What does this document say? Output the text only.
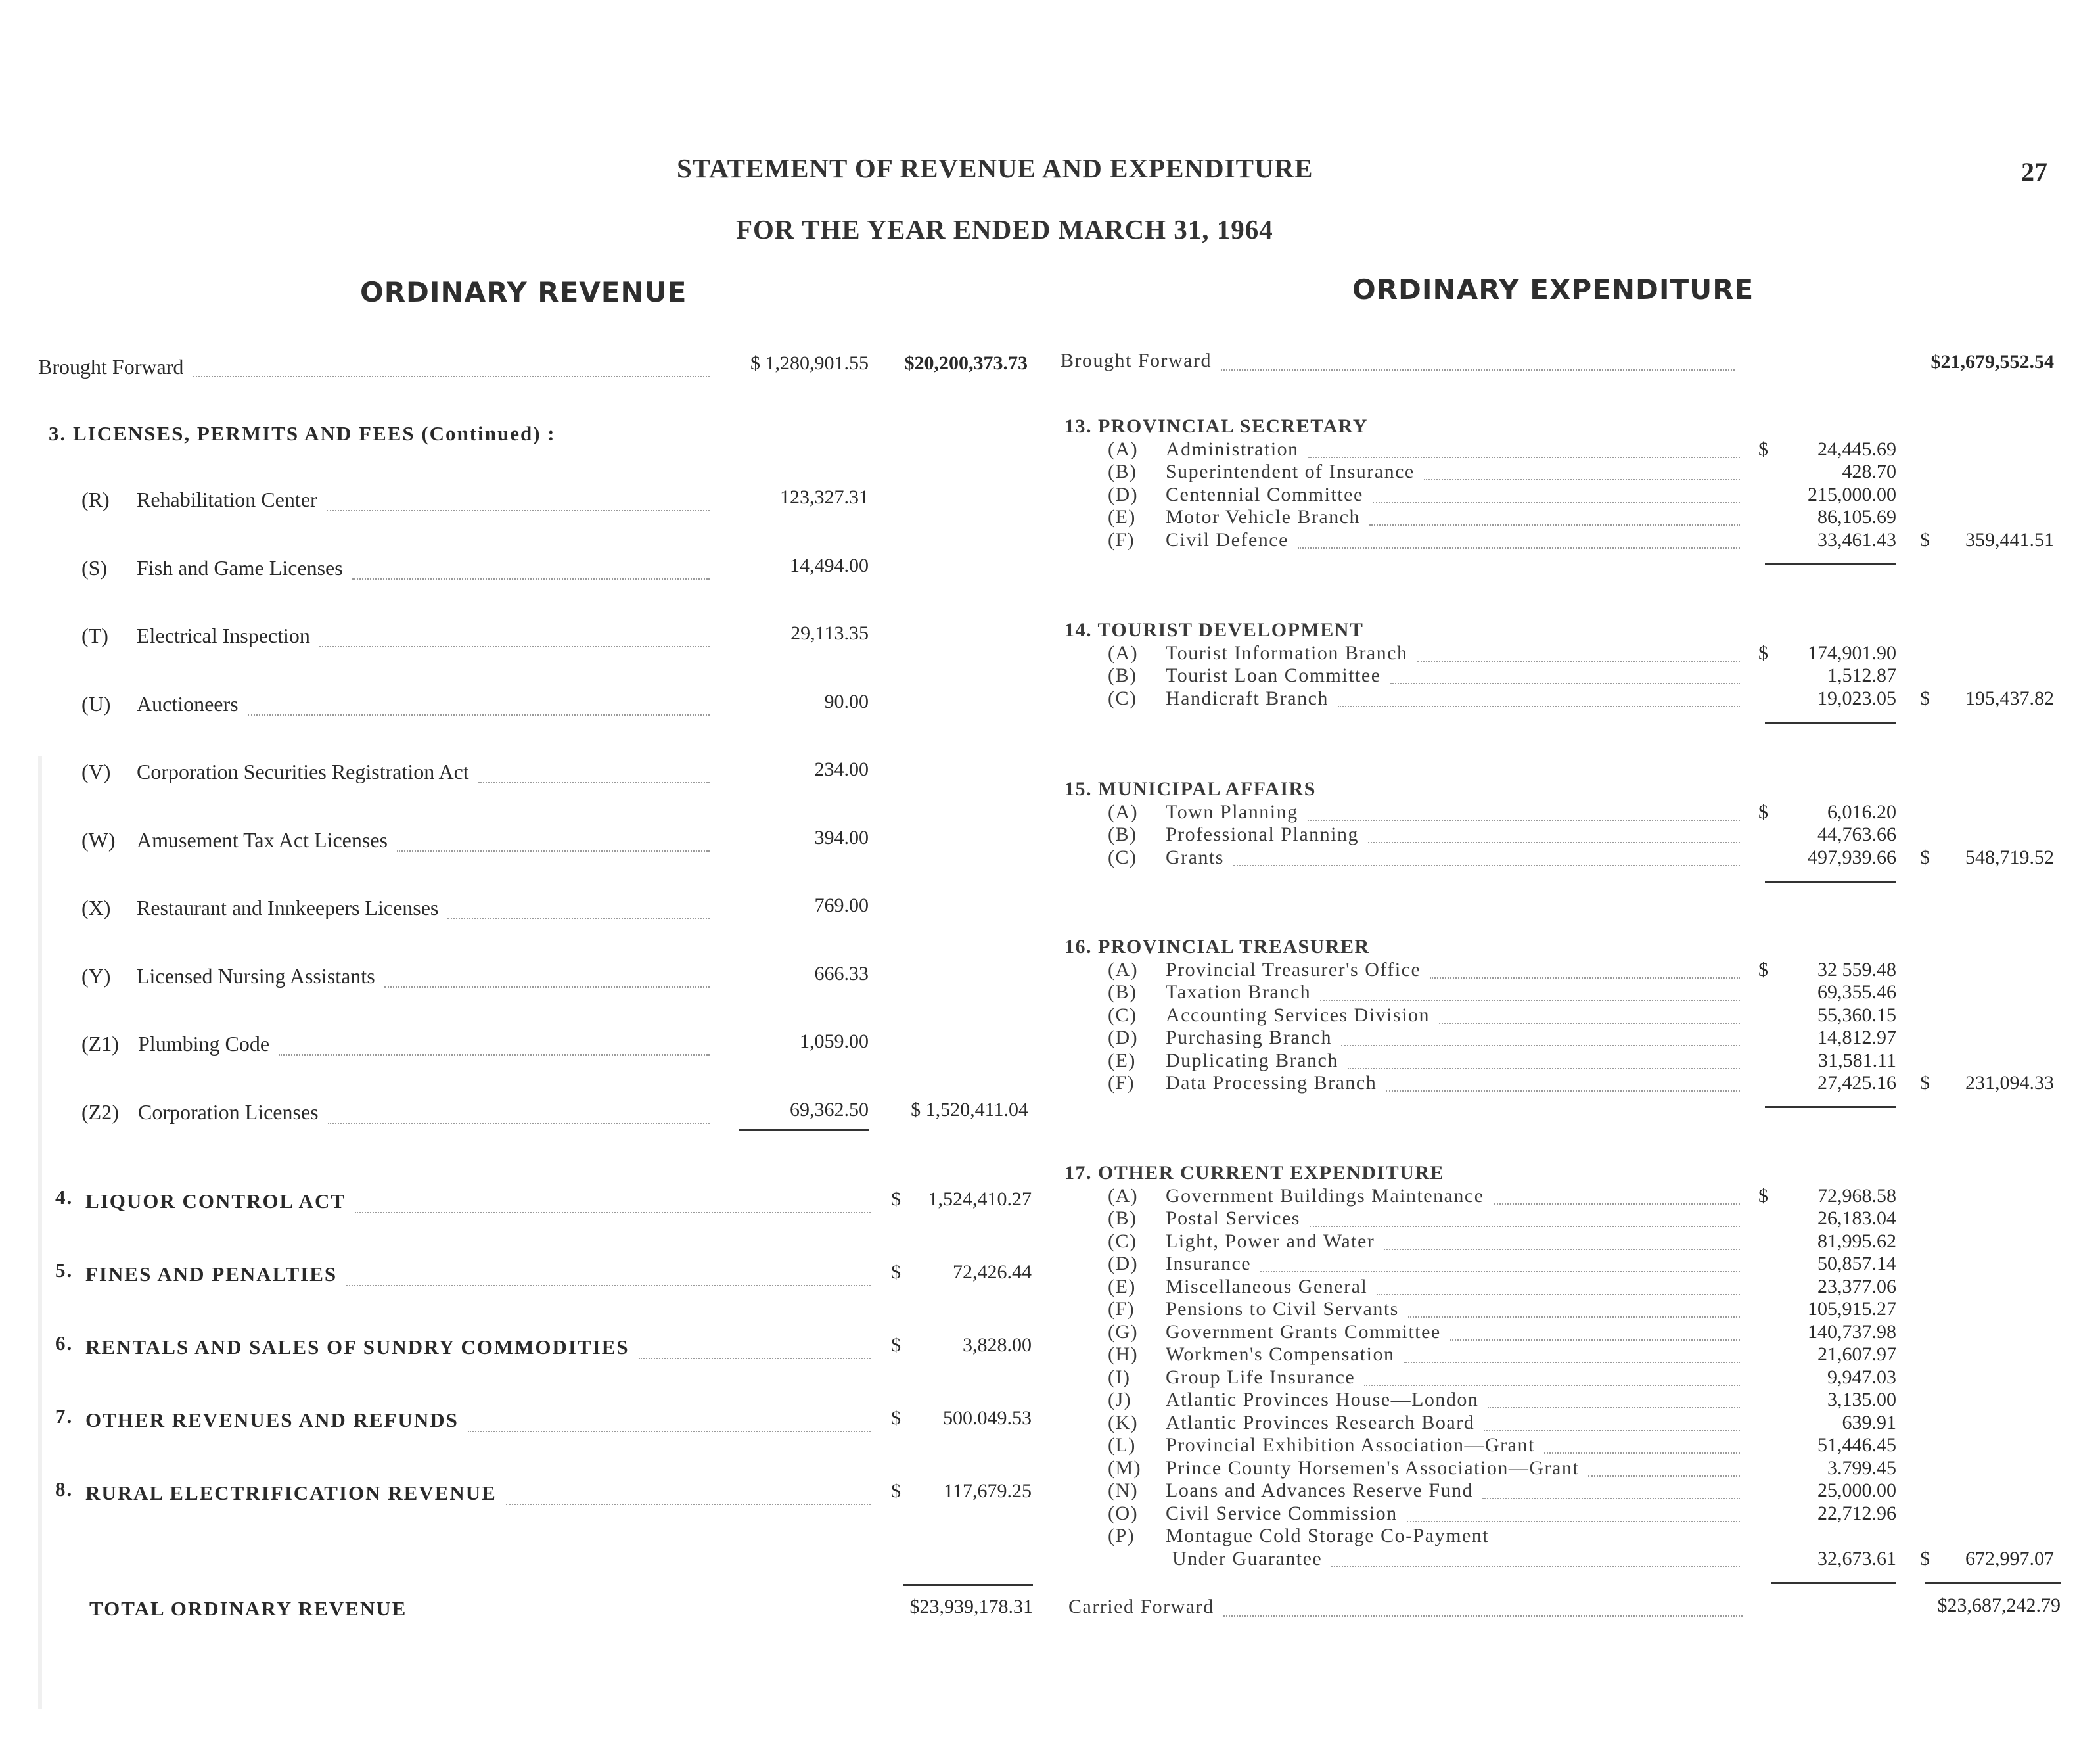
STATEMENT OF REVENUE AND EXPENDITURE
FOR THE YEAR ENDED MARCH 31, 1964
27
ORDINARY REVENUE	ORDINARY EXPENDITURE
Brought Forward	$ 1,280,901.55 $20,200,373.73
3. LICENSES, PERMITS AND FEES (Continued) :
(R) Rehabilitation Center	123,327.31
(S) Fish and Game Licenses	14,494.00
(T) Electrical Inspection	29,113.35
(U) Auctioneers	90.00
(V) Corporation Securities Registration Act	234.00
(W) Amusement Tax Act Licenses	394.00
(X) Restaurant and Innkeepers Licenses	769.00
(Y) Licensed Nursing Assistants	666.33
(Z1) Plumbing Code	1,059.00
(Z2) Corporation Licenses	69,362.50 $ 1,520,411.04
4. LIQUOR CONTROL ACT	$ 1,524,410.27
5. FINES AND PENALTIES	$	72,426.44
6. RENTALS AND SALES OF SUNDRY COMMODITIES	$	3,828.00
7. OTHER REVENUES AND REFUNDS	$ 500.049.53
8. RURAL ELECTRIFICATION REVENUE	$ 117,679.25
TOTAL ORDINARY REVENUE	$23,939,178.31
Brought Forward	$21,679,552.54
13. PROVINCIAL SECRETARY
(A) Administration	24,445.69
$
(B) Superintendent of Insurance	428.70
(D) Centennial Committee	215,000.00
(E) Motor Vehicle Branch	86,105.69
(F) Civil Defence	33,461.43 $ 359,441.51
14. TOURIST DEVELOPMENT
(A) Tourist Information Branch	174,901.90
$
(B) Tourist Loan Committee	1,512.87
(C) Handicraft Branch	19,023.05 $ 195,437.82
15. MUNICIPAL AFFAIRS
(A) Town Planning	6,016.20
$
(B) Professional Planning	44,763.66
(C) Grants	497,939.66 $ 548,719.52
16. PROVINCIAL TREASURER
(A) Provincial Treasurer's Office	32 559.48
$
(B) Taxation Branch	69,355.46
(C) Accounting Services Division	55,360.15
(D) Purchasing Branch	14,812.97
(E) Duplicating Branch	31,581.11
(F) Data Processing Branch	27,425.16 $ 231,094.33
17. OTHER CURRENT EXPENDITURE
(A) Government Buildings Maintenance	72,968.58
$
(B) Postal Services	26,183.04
(C) Light, Power and Water	81,995.62
(D) Insurance	50,857.14
(E) Miscellaneous General	23,377.06
(F) Pensions to Civil Servants	105,915.27
(G) Government Grants Committee	140,737.98
(H) Workmen's Compensation	21,607.97
(I) Group Life Insurance	9,947.03
(J) Atlantic Provinces House—London	3,135.00
(K) Atlantic Provinces Research Board	639.91
(L) Provincial Exhibition Association—Grant	51,446.45
(M) Prince County Horsemen's Association—Grant	3.799.45
(N) Loans and Advances Reserve Fund	25,000.00
(O) Civil Service Commission	22,712.96
(P) Montague Cold Storage Co-Payment
Under Guarantee	32,673.61 $ 672,997.07
Carried Forward	$23,687,242.79
